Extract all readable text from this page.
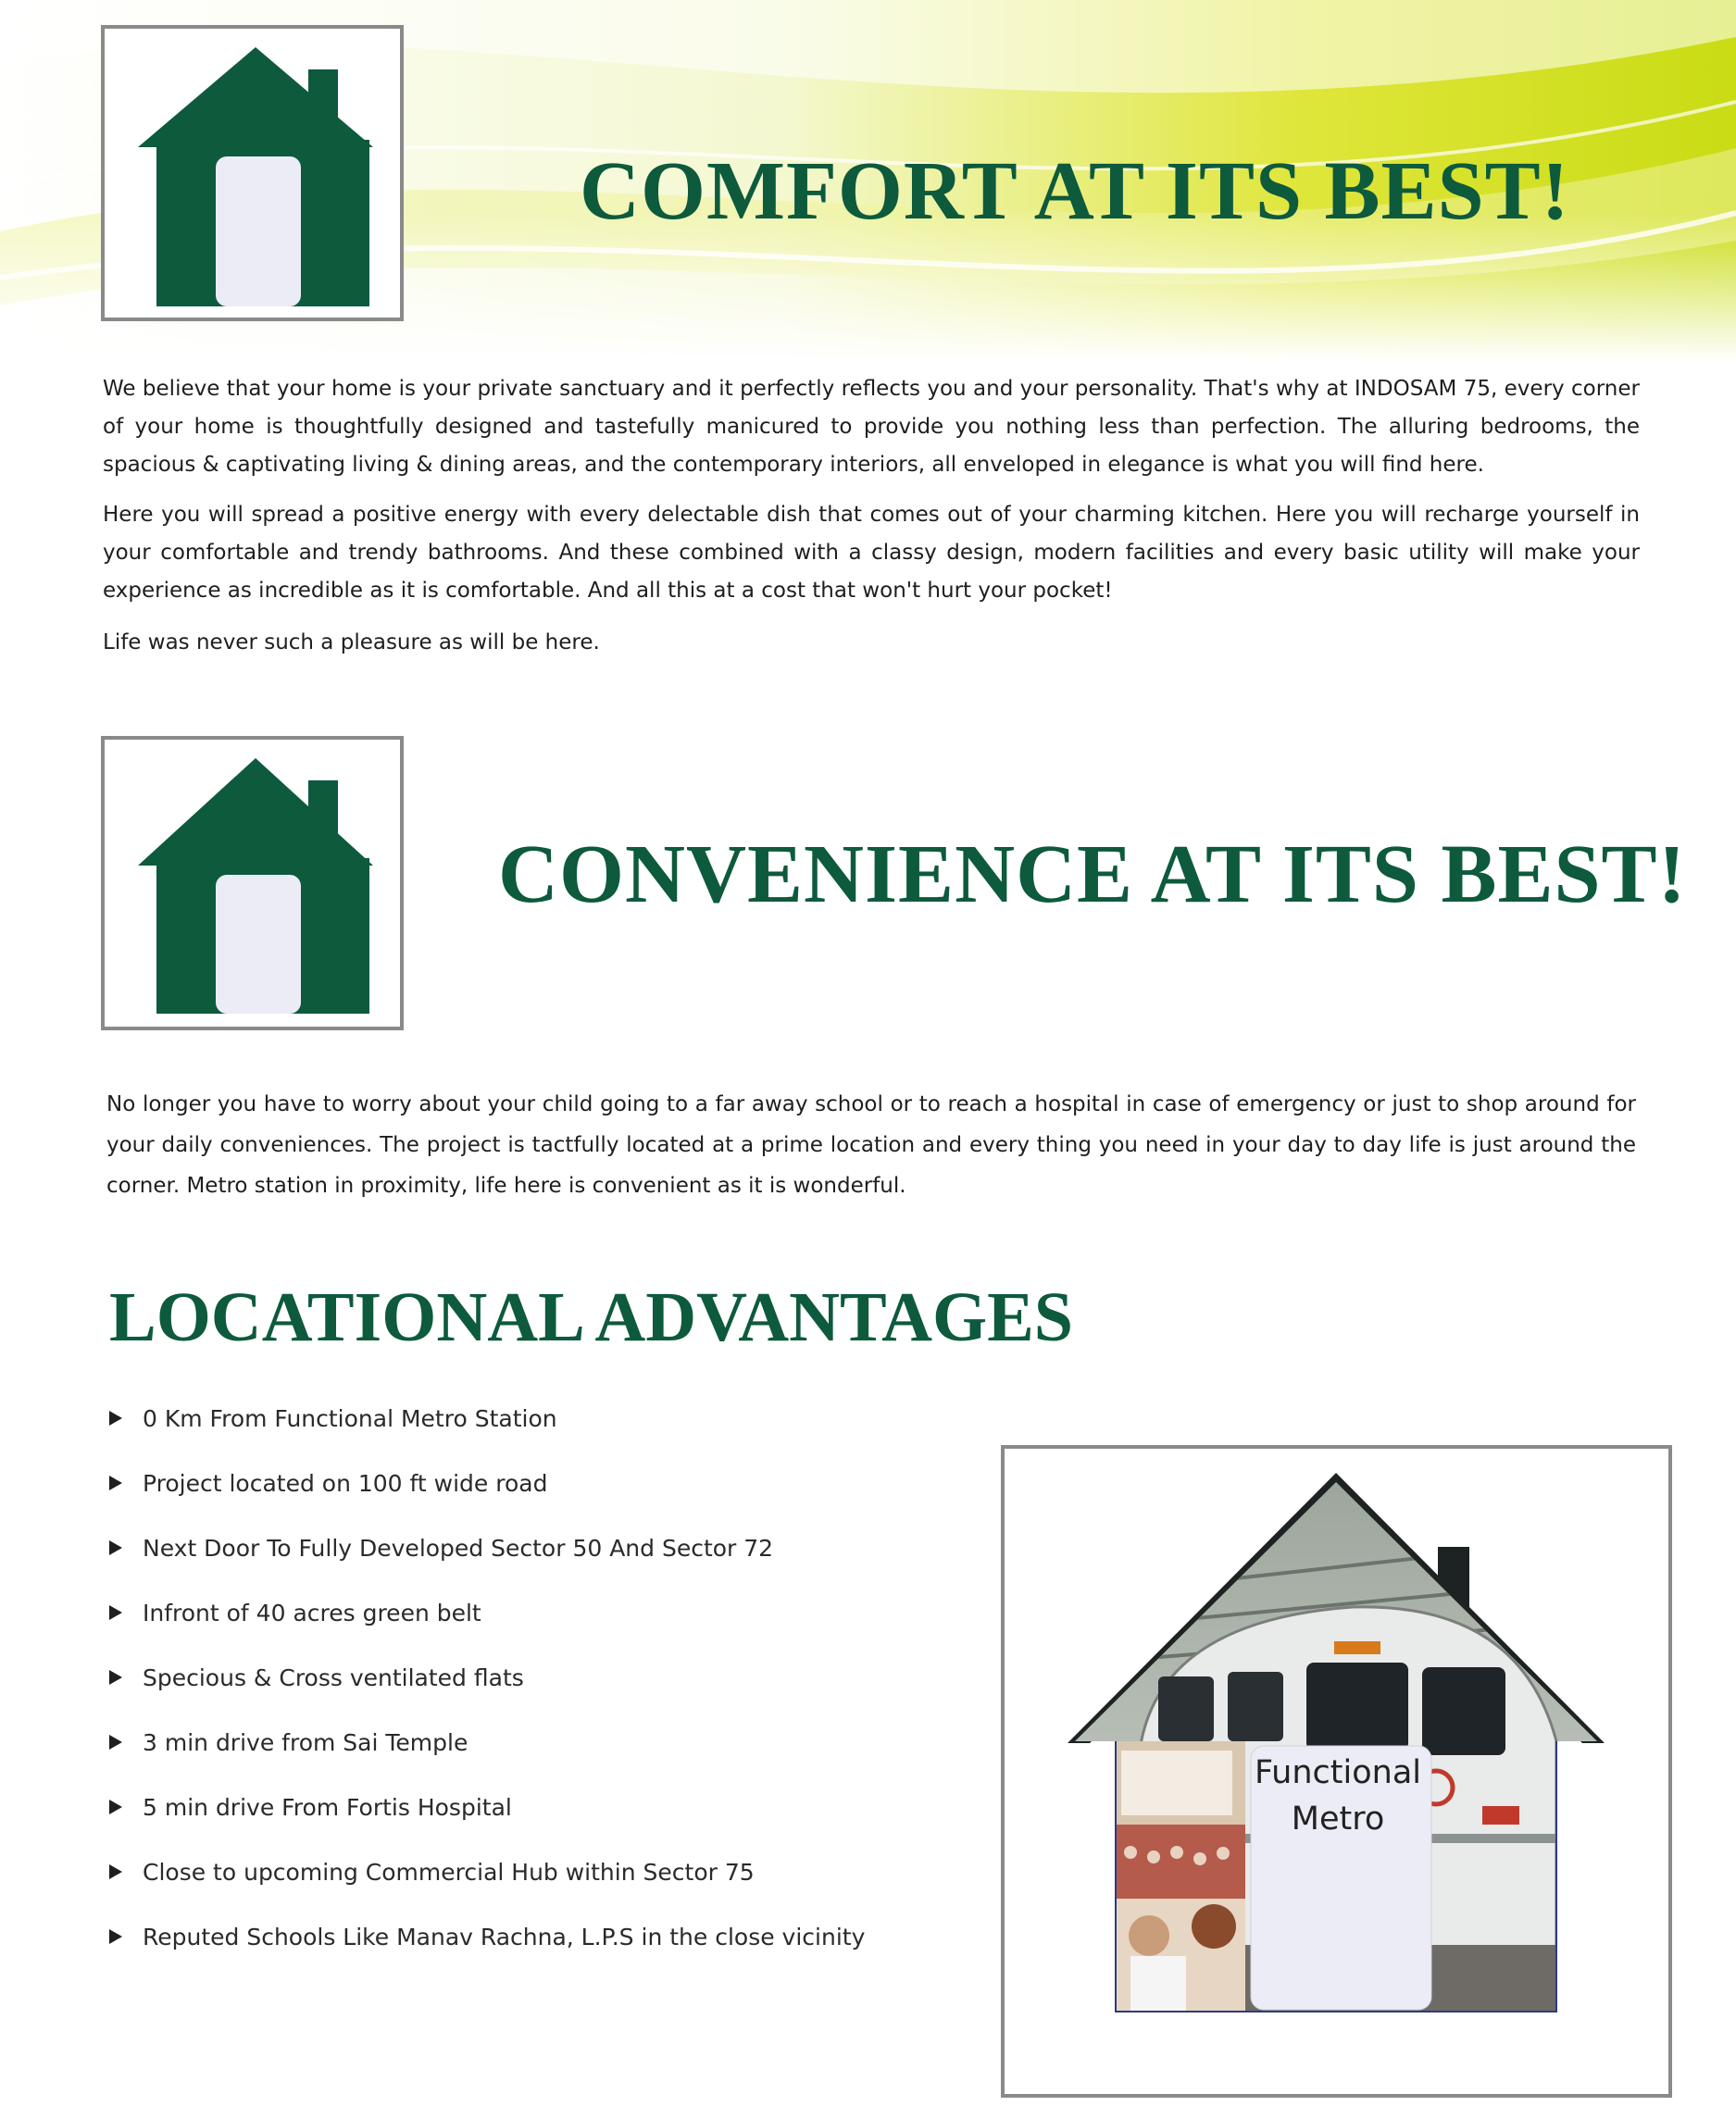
COMFORT AT ITS BEST!

We believe that your home is your private sanctuary and it perfectly reflects you and your personality. That's why at INDOSAM 75, every corner of your home is thoughtfully designed and tastefully manicured to provide you nothing less than perfection. The alluring bedrooms, the spacious & captivating living & dining areas, and the contemporary interiors, all enveloped in elegance is what you will find here.

Here you will spread a positive energy with every delectable dish that comes out of your charming kitchen. Here you will recharge yourself in your comfortable and trendy bathrooms. And these combined with a classy design, modern facilities and every basic utility will make your experience as incredible as it is comfortable. And all this at a cost that won't hurt your pocket!

Life was never such a pleasure as will be here.

CONVENIENCE AT ITS BEST!

No longer you have to worry about your child going to a far away school or to reach a hospital in case of emergency or just to shop around for your daily conveniences. The project is tactfully located at a prime location and every thing you need in your day to day life is just around the corner. Metro station in proximity, life here is convenient as it is wonderful.

LOCATIONAL ADVANTAGES
0 Km From Functional Metro Station
Project located on 100 ft wide road
Next Door To Fully Developed Sector 50 And Sector 72
Infront of 40 acres green belt
Specious & Cross ventilated flats
3 min drive from Sai Temple
5 min drive From Fortis Hospital
Close to upcoming Commercial Hub within Sector 75
Reputed Schools Like Manav Rachna, L.P.S in the close vicinity
Functional
Metro
